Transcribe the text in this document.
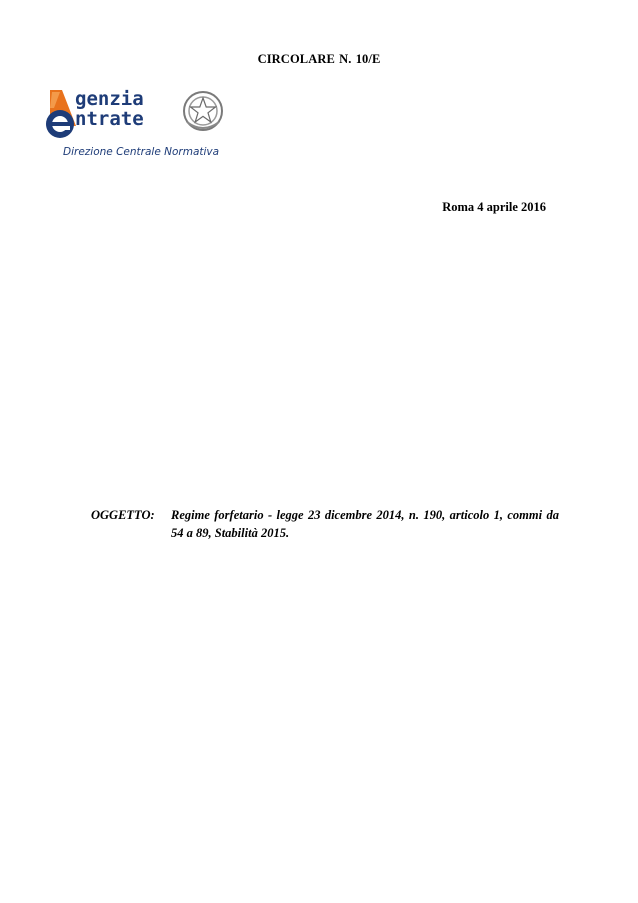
CIRCOLARE N. 10/E
genzia
ntrate
Direzione Centrale Normativa
Roma 4 aprile 2016
OGGETTO: Regime forfetario - legge 23 dicembre 2014, n. 190, articolo 1, commi da 54 a 89, Stabilità 2015.
